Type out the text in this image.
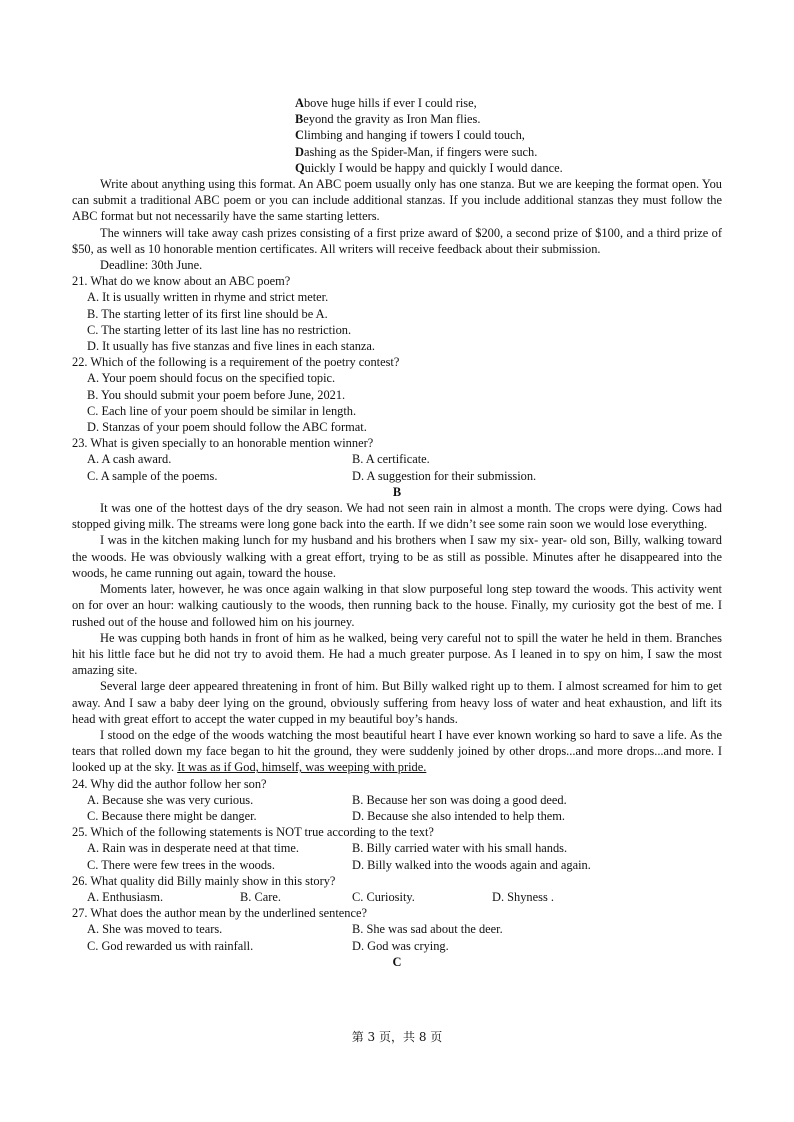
Above huge hills if ever I could rise,
Beyond the gravity as Iron Man flies.
Climbing and hanging if towers I could touch,
Dashing as the Spider-Man, if fingers were such.
Quickly I would be happy and quickly I would dance.

Write about anything using this format. An ABC poem usually only has one stanza. But we are keeping the format open. You can submit a traditional ABC poem or you can include additional stanzas. If you include additional stanzas they must follow the ABC format but not necessarily have the same starting letters.

The winners will take away cash prizes consisting of a first prize award of $200, a second prize of $100, and a third prize of $50, as well as 10 honorable mention certificates. All writers will receive feedback about their submission.

Deadline: 30th June.

21. What do we know about an ABC poem?
A. It is usually written in rhyme and strict meter.
B. The starting letter of its first line should be A.
C. The starting letter of its last line has no restriction.
D. It usually has five stanzas and five lines in each stanza.
22. Which of the following is a requirement of the poetry contest?
A. Your poem should focus on the specified topic.
B. You should submit your poem before June, 2021.
C. Each line of your poem should be similar in length.
D. Stanzas of your poem should follow the ABC format.
23. What is given specially to an honorable mention winner?
A. A cash award.	B. A certificate.
C. A sample of the poems.	D. A suggestion for their submission.
B

It was one of the hottest days of the dry season. We had not seen rain in almost a month. The crops were dying. Cows had stopped giving milk. The streams were long gone back into the earth. If we didn’t see some rain soon we would lose everything.

I was in the kitchen making lunch for my husband and his brothers when I saw my six- year- old son, Billy, walking toward the woods. He was obviously walking with a great effort, trying to be as still as possible. Minutes after he disappeared into the woods, he came running out again, toward the house.

Moments later, however, he was once again walking in that slow purposeful long step toward the woods. This activity went on for over an hour: walking cautiously to the woods, then running back to the house. Finally, my curiosity got the best of me. I rushed out of the house and followed him on his journey.

He was cupping both hands in front of him as he walked, being very careful not to spill the water he held in them. Branches hit his little face but he did not try to avoid them. He had a much greater purpose. As I leaned in to spy on him, I saw the most amazing site.

Several large deer appeared threatening in front of him. But Billy walked right up to them. I almost screamed for him to get away. And I saw a baby deer lying on the ground, obviously suffering from heavy loss of water and heat exhaustion, and lift its head with great effort to accept the water cupped in my beautiful boy’s hands.

I stood on the edge of the woods watching the most beautiful heart I have ever known working so hard to save a life. As the tears that rolled down my face began to hit the ground, they were suddenly joined by other drops...and more drops...and more. I looked up at the sky. It was as if God, himself, was weeping with pride.

24. Why did the author follow her son?
A. Because she was very curious.	B. Because her son was doing a good deed.
C. Because there might be danger.	D. Because she also intended to help them.
25. Which of the following statements is NOT true according to the text?
A. Rain was in desperate need at that time.	B. Billy carried water with his small hands.
C. There were few trees in the woods.	D. Billy walked into the woods again and again.
26. What quality did Billy mainly show in this story?
A. Enthusiasm.	B. Care.	C. Curiosity.	D. Shyness .
27. What does the author mean by the underlined sentence?
A. She was moved to tears.	B. She was sad about the deer.
C. God rewarded us with rainfall.	D. God was crying.
C
第 3 页，共 8 页
